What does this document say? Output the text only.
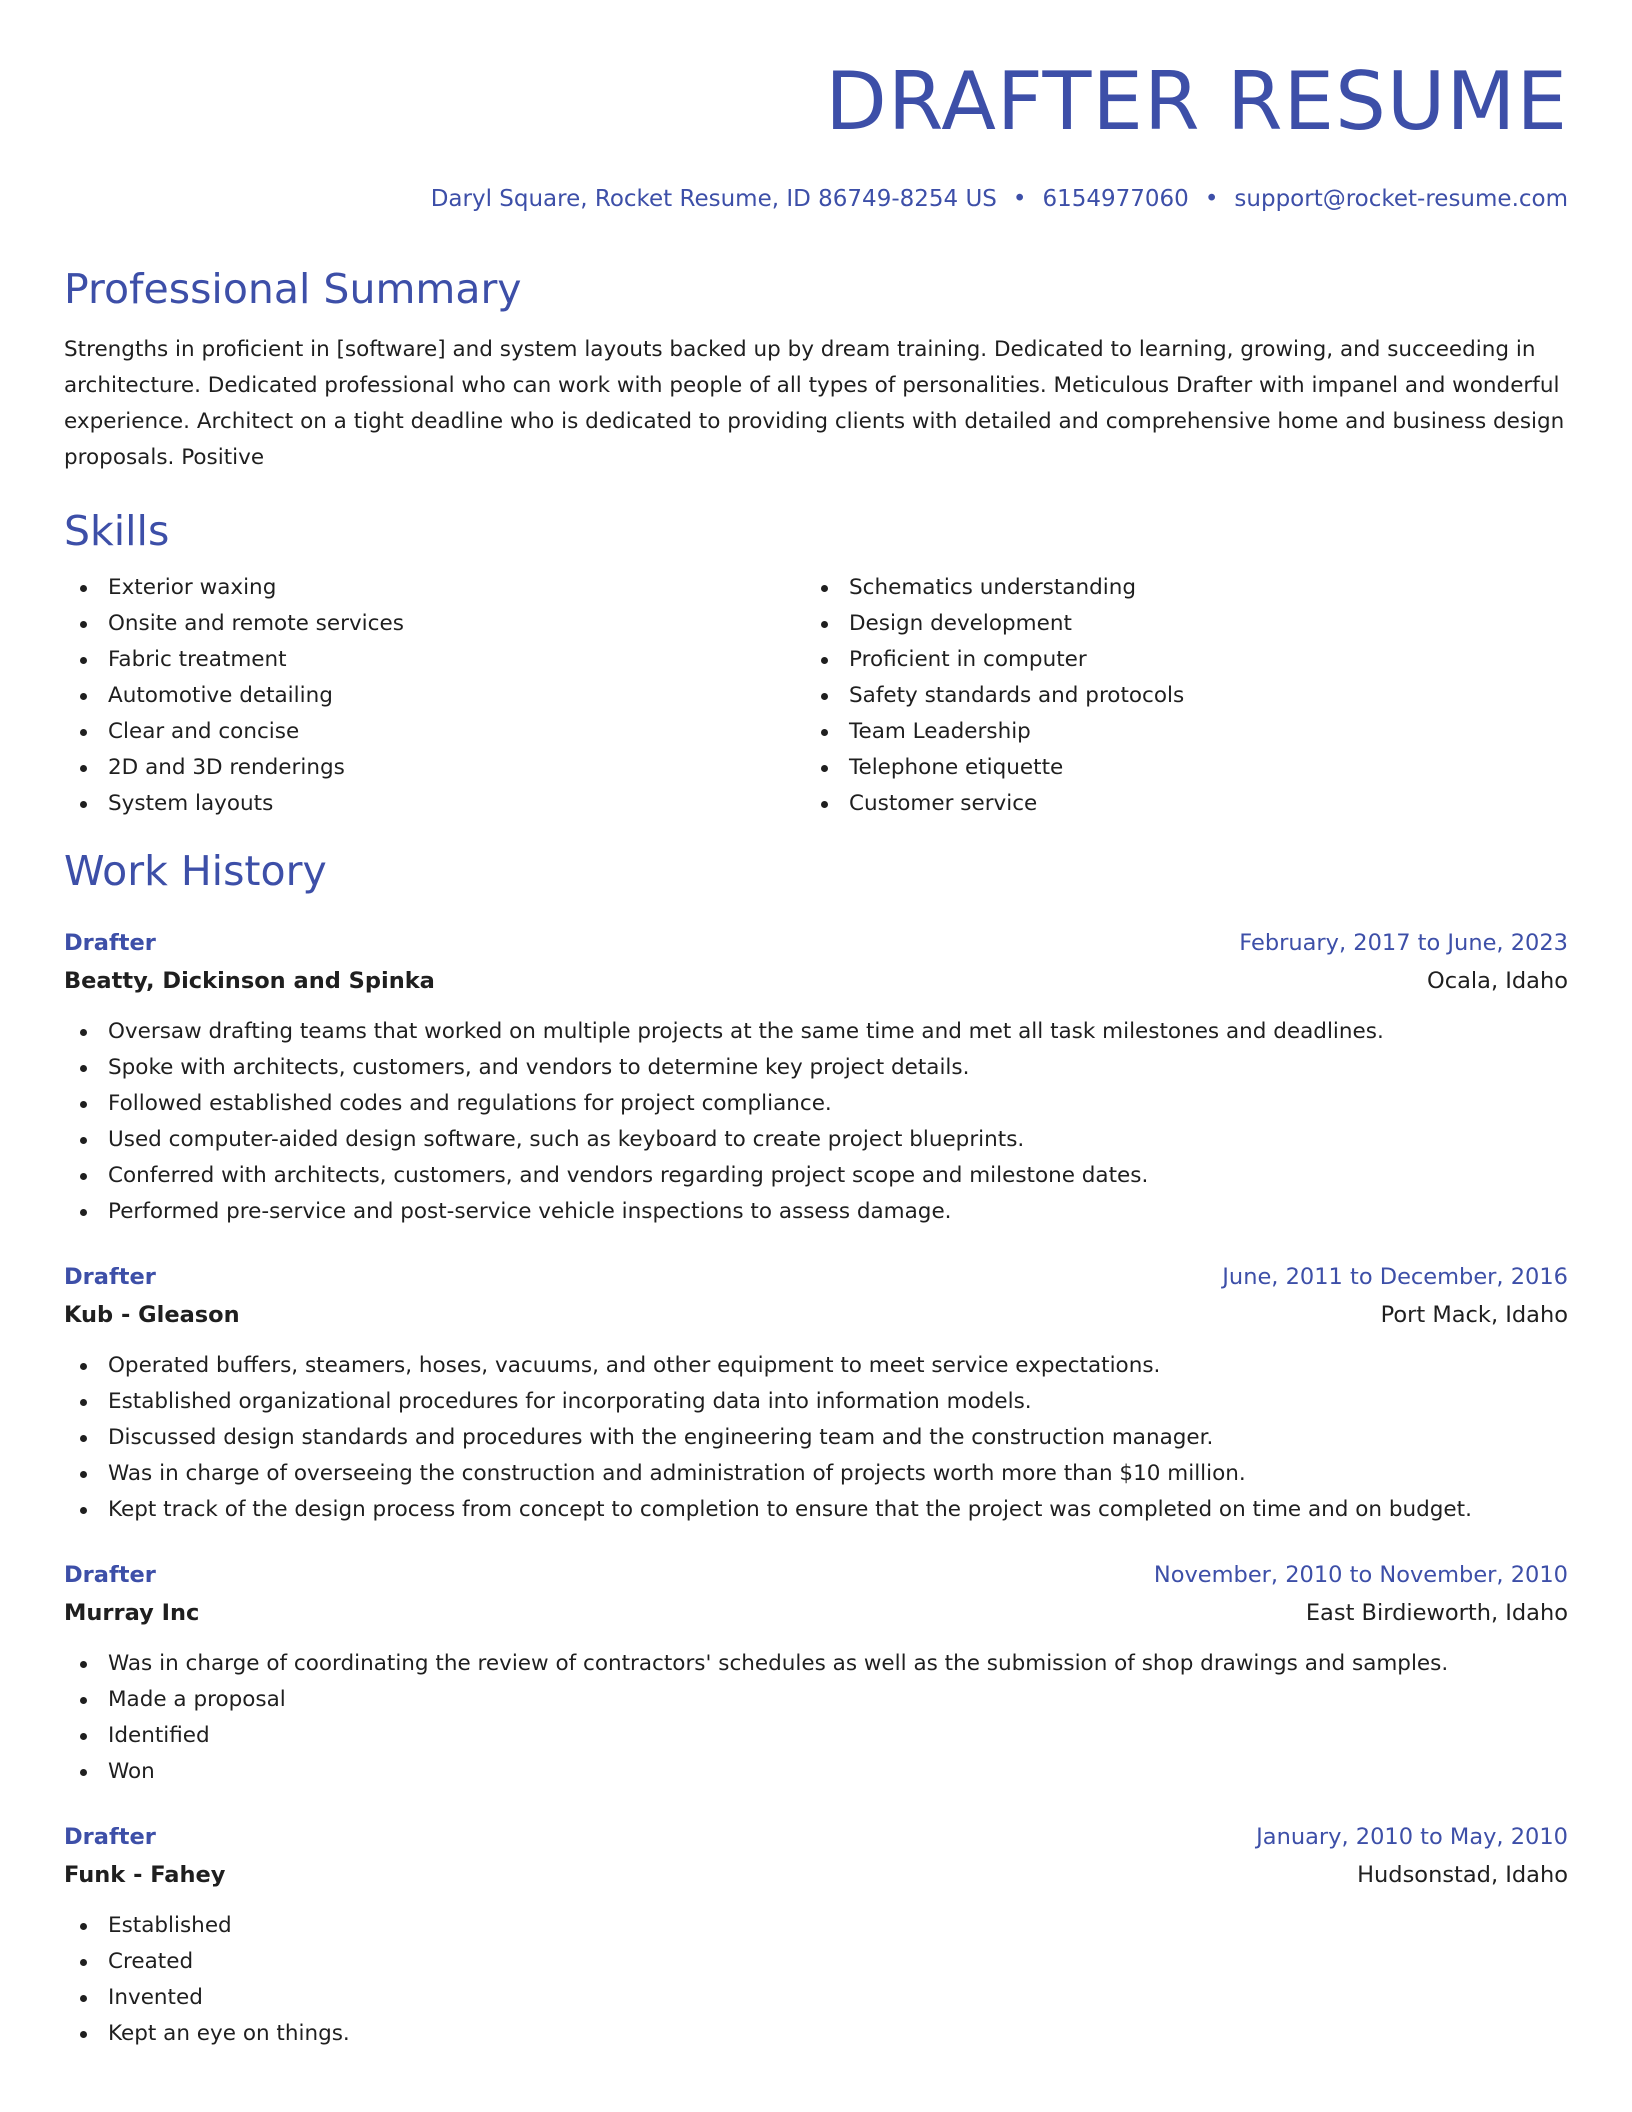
DRAFTER RESUME
Daryl Square, Rocket Resume, ID 86749-8254 US • 6154977060 • support@rocket-resume.com
Professional Summary

Strengths in proficient in [software] and system layouts backed up by dream training. Dedicated to learning, growing, and succeeding in architecture. Dedicated professional who can work with people of all types of personalities. Meticulous Drafter with impanel and wonderful experience. Architect on a tight deadline who is dedicated to providing clients with detailed and comprehensive home and business design proposals. Positive

Skills
Exterior waxing
Onsite and remote services
Fabric treatment
Automotive detailing
Clear and concise
2D and 3D renderings
System layouts
Schematics understanding
Design development
Proficient in computer
Safety standards and protocols
Team Leadership
Telephone etiquette
Customer service
Work History
Drafter	February, 2017 to June, 2023
Beatty, Dickinson and Spinka	Ocala, Idaho
Oversaw drafting teams that worked on multiple projects at the same time and met all task milestones and deadlines.
Spoke with architects, customers, and vendors to determine key project details.
Followed established codes and regulations for project compliance.
Used computer-aided design software, such as keyboard to create project blueprints.
Conferred with architects, customers, and vendors regarding project scope and milestone dates.
Performed pre-service and post-service vehicle inspections to assess damage.
Drafter	June, 2011 to December, 2016
Kub - Gleason	Port Mack, Idaho
Operated buffers, steamers, hoses, vacuums, and other equipment to meet service expectations.
Established organizational procedures for incorporating data into information models.
Discussed design standards and procedures with the engineering team and the construction manager.
Was in charge of overseeing the construction and administration of projects worth more than $10 million.
Kept track of the design process from concept to completion to ensure that the project was completed on time and on budget.
Drafter	November, 2010 to November, 2010
Murray Inc	East Birdieworth, Idaho
Was in charge of coordinating the review of contractors' schedules as well as the submission of shop drawings and samples.
Made a proposal
Identified
Won
Drafter	January, 2010 to May, 2010
Funk - Fahey	Hudsonstad, Idaho
Established
Created
Invented
Kept an eye on things.
